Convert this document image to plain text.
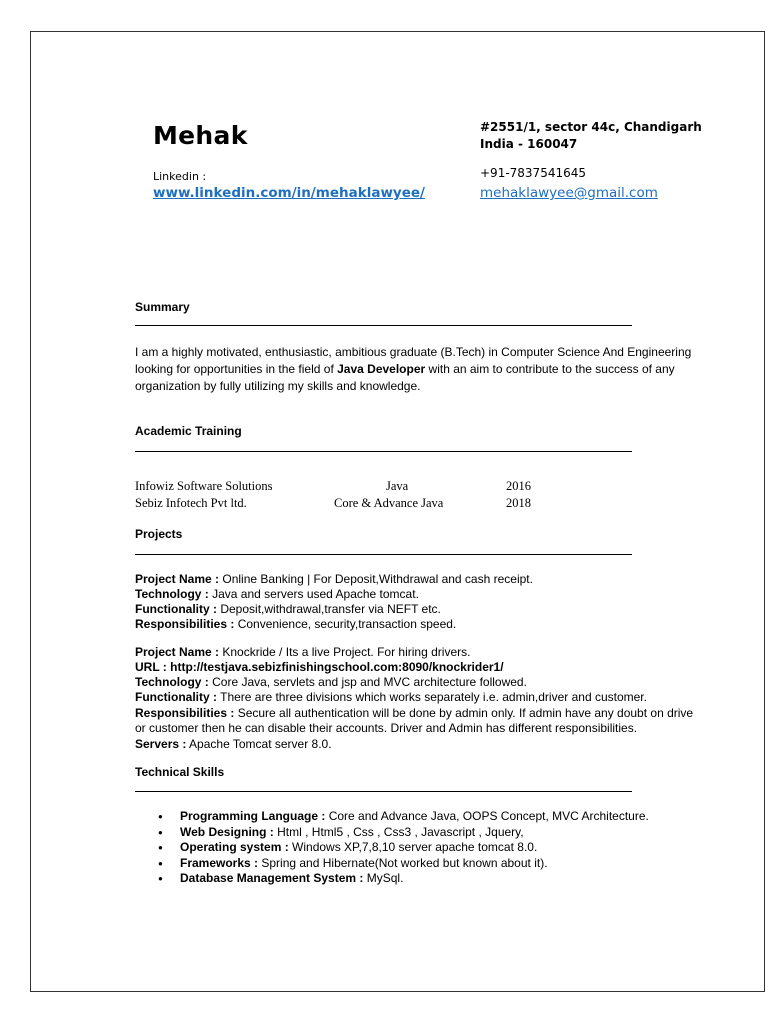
Mehak
Linkedin :
www.linkedin.com/in/mehaklawyee/
#2551/1, sector 44c, Chandigarh
India - 160047
+91-7837541645
mehaklawyee@gmail.com
Summary
I am a highly motivated, enthusiastic, ambitious graduate (B.Tech) in Computer Science And Engineering looking for opportunities in the field of Java Developer with an aim to contribute to the success of any organization by fully utilizing my skills and knowledge.
Academic Training
Infowiz Software Solutions	Java	2016
Sebiz Infotech Pvt ltd.	Core & Advance Java	2018
Projects
Project Name : Online Banking | For Deposit,Withdrawal and cash receipt.
Technology : Java and servers used Apache tomcat.
Functionality : Deposit,withdrawal,transfer via NEFT etc.
Responsibilities : Convenience, security,transaction speed.
Project Name : Knockride / Its a live Project. For hiring drivers.
URL : http://testjava.sebizfinishingschool.com:8090/knockrider1/
Technology : Core Java, servlets and jsp and MVC architecture followed.
Functionality : There are three divisions which works separately i.e. admin,driver and customer.
Responsibilities : Secure all authentication will be done by admin only. If admin have any doubt on drive or customer then he can disable their accounts. Driver and Admin has different responsibilities.
Servers : Apache Tomcat server 8.0.
Technical Skills
● Programming Language : Core and Advance Java, OOPS Concept, MVC Architecture.
● Web Designing : Html , Html5 , Css , Css3 , Javascript , Jquery,
● Operating system : Windows XP,7,8,10 server apache tomcat 8.0.
● Frameworks : Spring and Hibernate(Not worked but known about it).
● Database Management System : MySql.
